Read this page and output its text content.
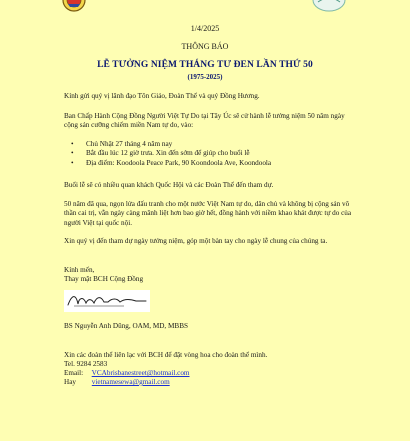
1/4/2025
THÔNG BÁO
LỄ TƯỞNG NIỆM THÁNG TƯ ĐEN LẦN THỨ 50
(1975-2025)
Kính gửi quý vị lãnh đạo Tôn Giáo, Đoàn Thể và quý Đồng Hương.
Ban Chấp Hành Cộng Đồng Người Việt Tự Do tại Tây Úc sẽ cử hành lễ tưởng niệm 50 năm ngày cộng sản cưỡng chiếm miền Nam tự do, vào:
• Chủ Nhật 27 tháng 4 năm nay
• Bắt đầu lúc 12 giờ trưa. Xin đến sớm để giúp cho buổi lễ
• Địa điểm: Koodoola Peace Park, 90 Koondoola Ave, Koondoola
Buổi lễ sẽ có nhiều quan khách Quốc Hội và các Đoàn Thể đến tham dự.
50 năm đã qua, ngọn lửa đấu tranh cho một nước Việt Nam tự do, dân chủ và không bị cộng sản vô thần cai trị, vẫn ngày càng mãnh liệt hơn bao giờ hết, đồng hành với niềm khao khát được tự do của người Việt tại quốc nội.
Xin quý vị đến tham dự ngày tưởng niệm, góp một bàn tay cho ngày lễ chung của chúng ta.
Kính mến,
Thay mặt BCH Cộng Đồng
BS Nguyễn Anh Dũng, OAM, MD, MBBS
Xin các đoàn thể liên lạc với BCH để đặt vòng hoa cho đoàn thể mình.
Tel. 9284 2583
Email: VCAbrisbanestreet@hotmail.com
Hay vietnamesewa@gmail.com
